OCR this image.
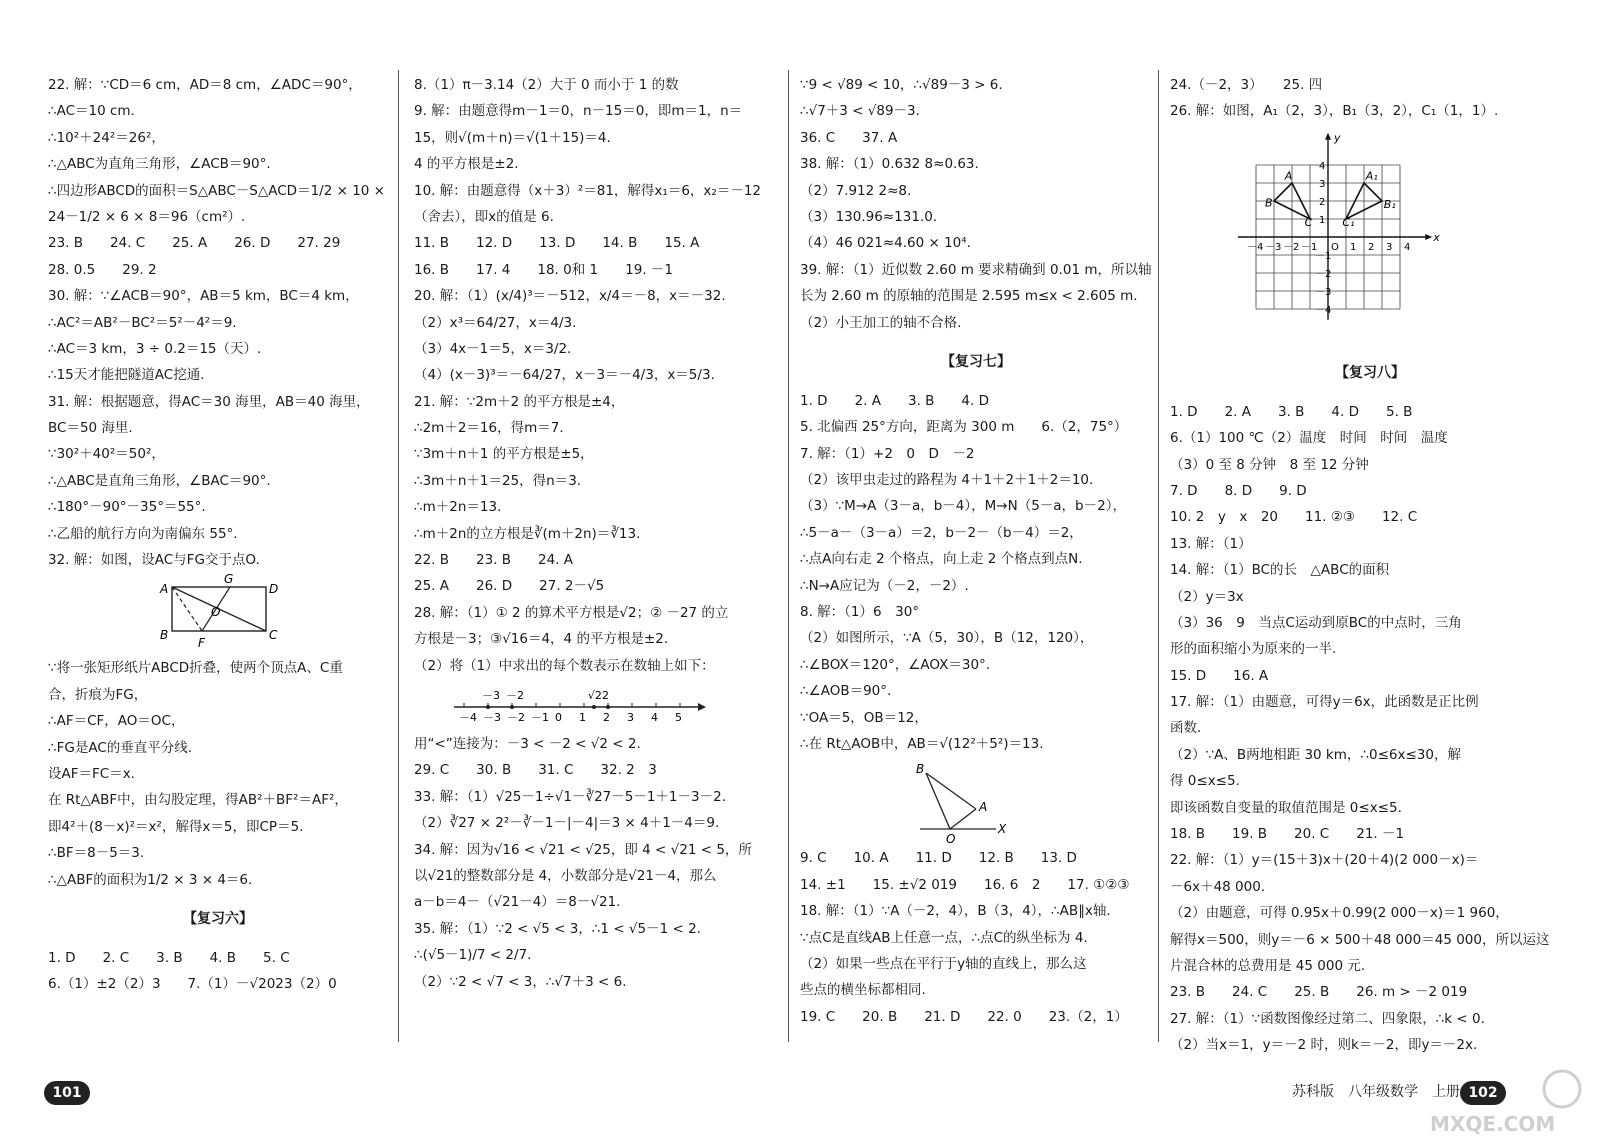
22. 解：∵CD＝6 cm，AD＝8 cm，∠ADC＝90°，
∴AC＝10 cm.
∴10²＋24²＝26²，
∴△ABC为直角三角形，∠ACB＝90°.
∴四边形ABCD的面积＝S△ABC－S△ACD＝1/2 × 10 ×
24－1/2 × 6 × 8＝96（cm²）.
23. B　　24. C　　25. A　　26. D　　27. 29
28. 0.5　　29. 2
30. 解：∵∠ACB＝90°，AB＝5 km，BC＝4 km，
∴AC²＝AB²－BC²＝5²－4²＝9.
∴AC＝3 km，3 ÷ 0.2＝15（天）.
∴15天才能把隧道AC挖通.
31. 解：根据题意，得AC＝30 海里，AB＝40 海里，
BC＝50 海里.
∵30²＋40²＝50²，
∴△ABC是直角三角形，∠BAC＝90°.
∴180°－90°－35°＝55°.
∴乙船的航行方向为南偏东 55°.
32. 解：如图，设AC与FG交于点O.
A
G
D
O
B
F
C
∵将一张矩形纸片ABCD折叠，使两个顶点A、C重
合，折痕为FG，
∴AF＝CF，AO＝OC，
∴FG是AC的垂直平分线.
设AF＝FC＝x.
在 Rt△ABF中，由勾股定理，得AB²＋BF²＝AF²，
即4²＋(8－x)²＝x²，解得x＝5，即CP＝5.
∴BF＝8－5＝3.
∴△ABF的面积为1/2 × 3 × 4＝6.
【复习六】
1. D　　2. C　　3. B　　4. B　　5. C
6.（1）±2（2）3　　7.（1）－√2023（2）0
8.（1）π－3.14（2）大于 0 而小于 1 的数
9. 解：由题意得m－1＝0，n－15＝0，即m＝1，n＝
15，则√(m＋n)＝√(1＋15)＝4.
4 的平方根是±2.
10. 解：由题意得（x＋3）²＝81，解得x₁＝6，x₂＝－12
（舍去），即x的值是 6.
11. B　　12. D　　13. D　　14. B　　15. A
16. B　　17. 4　　18. 0和 1　　19. －1
20. 解：（1）(x/4)³＝－512，x/4＝－8，x＝－32.
（2）x³＝64/27，x＝4/3.
（3）4x－1＝5，x＝3/2.
（4）(x－3)³＝－64/27，x－3＝－4/3，x＝5/3.
21. 解：∵2m＋2 的平方根是±4，
∴2m＋2＝16，得m＝7.
∵3m＋n＋1 的平方根是±5，
∴3m＋n＋1＝25，得n＝3.
∴m＋2n＝13.
∴m＋2n的立方根是∛(m＋2n)＝∛13.
22. B　　23. B　　24. A
25. A　　26. D　　27. 2－√5
28. 解：（1）① 2 的算术平方根是√2；② －27 的立
方根是－3；③√16＝4，4 的平方根是±2.
（2）将（1）中求出的每个数表示在数轴上如下：
－4 －3 －2 －1 0 1 2 3 4 5
－3 －2	√2 2
用“<”连接为：－3 < －2 < √2 < 2.
29. C　　30. B　　31. C　　32. 2　3
33. 解：（1）√25－1÷√1－∛27－5－1＋1－3－2.
（2）∛27 × 2²－∛－1－|－4|＝3 × 4＋1－4＝9.
34. 解：因为√16 < √21 < √25，即 4 < √21 < 5，所
以√21的整数部分是 4，小数部分是√21－4，那么
a－b＝4－（√21－4）＝8－√21.
35. 解：（1）∵2 < √5 < 3，∴1 < √5－1 < 2.
∴(√5－1)/7 < 2/7.
（2）∵2 < √7 < 3，∴√7＋3 < 6.
∵9 < √89 < 10，∴√89－3 > 6.
∴√7＋3 < √89－3.
36. C　　37. A
38. 解：（1）0.632 8≈0.63.
（2）7.912 2≈8.
（3）130.96≈131.0.
（4）46 021≈4.60 × 10⁴.
39. 解：（1）近似数 2.60 m 要求精确到 0.01 m，所以轴
长为 2.60 m 的原轴的范围是 2.595 m≤x < 2.605 m.
（2）小王加工的轴不合格.
【复习七】
1. D　　2. A　　3. B　　4. D
5. 北偏西 25°方向，距离为 300 m　　6.（2，75°）
7. 解：（1）+2　0　D　－2
（2）该甲虫走过的路程为 4＋1＋2＋1＋2＝10.
（3）∵M→A（3－a，b－4），M→N（5－a，b－2），
∴5－a－（3－a）＝2，b－2－（b－4）＝2，
∴点A向右走 2 个格点，向上走 2 个格点到点N.
∴N→A应记为（－2，－2）.
8. 解：（1）6　30°
（2）如图所示，∵A（5，30），B（12，120），
∴∠BOX＝120°，∠AOX＝30°.
∴∠AOB＝90°.
∵OA＝5，OB＝12，
∴在 Rt△AOB中，AB＝√(12²＋5²)＝13.
B
A
O
X
9. C　　10. A　　11. D　　12. B　　13. D
14. ±1　　15. ±√2 019　　16. 6　2　　17. ①②③
18. 解：（1）∵A（－2，4），B（3，4），∴AB∥x轴.
∵点C是直线AB上任意一点，∴点C的纵坐标为 4.
（2）如果一些点在平行于y轴的直线上，那么这
些点的横坐标都相同.
19. C　　20. B　　21. D　　22. 0　　23.（2，1）
24.（－2，3）　　25. 四
26. 解：如图，A₁（2，3），B₁（3，2），C₁（1，1）.
－4 －3 －2 －1 O 1 2 3 4
4
3
2
1
－1
－2
－3
－4
x
y
A
B
C
A₁
B₁
C₁
【复习八】
1. D　　2. A　　3. B　　4. D　　5. B
6.（1）100 ℃（2）温度　时间　时间　温度
（3）0 至 8 分钟　8 至 12 分钟
7. D　　8. D　　9. D
10. 2　y　x　20　　11. ②③　　12. C
13. 解：（1）
14. 解：（1）BC的长　△ABC的面积
（2）y＝3x
（3）36　9　当点C运动到原BC的中点时，三角
形的面积缩小为原来的一半.
15. D　　16. A
17. 解：（1）由题意，可得y＝6x，此函数是正比例
函数.
（2）∵A、B两地相距 30 km，∴0≤6x≤30，解
得 0≤x≤5.
即该函数自变量的取值范围是 0≤x≤5.
18. B　　19. B　　20. C　　21. －1
22. 解：（1）y＝(15＋3)x＋(20＋4)(2 000－x)＝
－6x＋48 000.
（2）由题意，可得 0.95x＋0.99(2 000－x)＝1 960，
解得x＝500，则y＝－6 × 500＋48 000＝45 000，所以运这
片混合林的总费用是 45 000 元.
23. B　　24. C　　25. B　　26. m > －2 019
27. 解：（1）∵函数图像经过第二、四象限，∴k < 0.
（2）当x＝1，y＝－2 时，则k＝－2，即y＝－2x.
101	苏科版　八年级数学　上册 102
MXQE.COM
